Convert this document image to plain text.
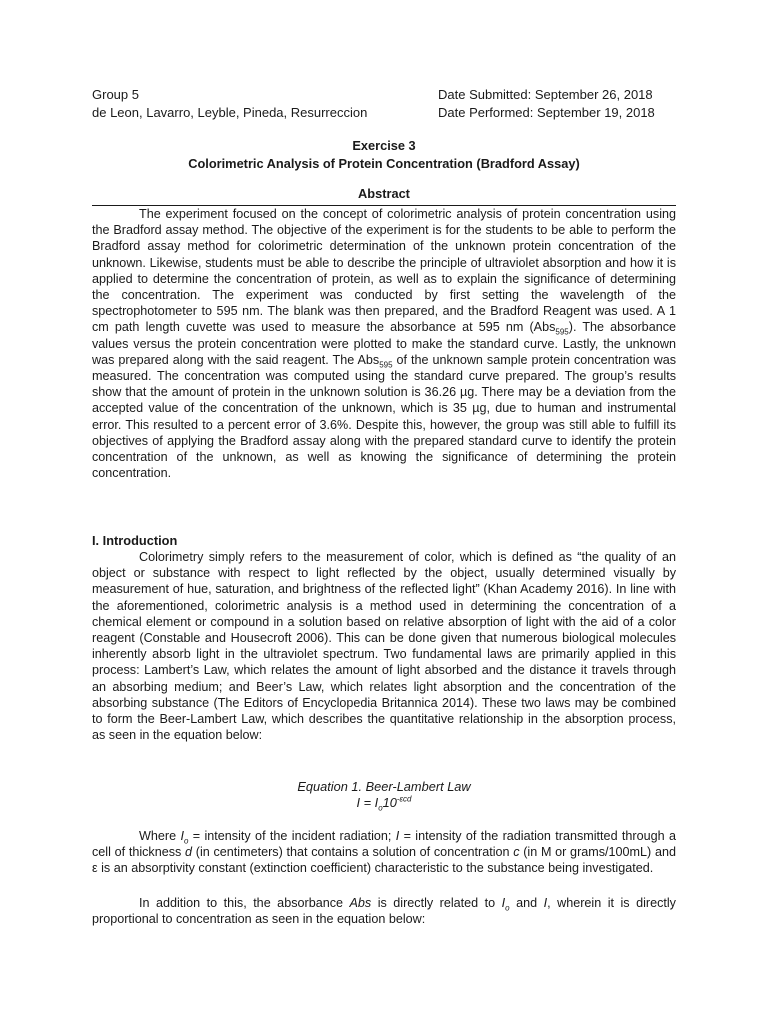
Group 5	Date Submitted: September 26, 2018
de Leon, Lavarro, Leyble, Pineda, Resurreccion	Date Performed: September 19, 2018
Exercise 3
Colorimetric Analysis of Protein Concentration (Bradford Assay)
Abstract

The experiment focused on the concept of colorimetric analysis of protein concentration using the Bradford assay method. The objective of the experiment is for the students to be able to perform the Bradford assay method for colorimetric determination of the unknown protein concentration of the unknown. Likewise, students must be able to describe the principle of ultraviolet absorption and how it is applied to determine the concentration of protein, as well as to explain the significance of determining the concentration. The experiment was conducted by first setting the wavelength of the spectrophotometer to 595 nm. The blank was then prepared, and the Bradford Reagent was used. A 1 cm path length cuvette was used to measure the absorbance at 595 nm (Abs$_{595}$). The absorbance values versus the protein concentration were plotted to make the standard curve. Lastly, the unknown was prepared along with the said reagent. The Abs$_{595}$ of the unknown sample protein concentration was measured. The concentration was computed using the standard curve prepared. The group’s results show that the amount of protein in the unknown solution is 36.26 µg. There may be a deviation from the accepted value of the concentration of the unknown, which is 35 µg, due to human and instrumental error. This resulted to a percent error of 3.6%. Despite this, however, the group was still able to fulfill its objectives of applying the Bradford assay along with the prepared standard curve to identify the protein concentration of the unknown, as well as knowing the significance of determining the protein concentration.

I. Introduction

Colorimetry simply refers to the measurement of color, which is defined as “the quality of an object or substance with respect to light reflected by the object, usually determined visually by measurement of hue, saturation, and brightness of the reflected light” (Khan Academy 2016). In line with the aforementioned, colorimetric analysis is a method used in determining the concentration of a chemical element or compound in a solution based on relative absorption of light with the aid of a color reagent (Constable and Housecroft 2006). This can be done given that numerous biological molecules inherently absorb light in the ultraviolet spectrum. Two fundamental laws are primarily applied in this process: Lambert’s Law, which relates the amount of light absorbed and the distance it travels through an absorbing medium; and Beer’s Law, which relates light absorption and the concentration of the absorbing substance (The Editors of Encyclopedia Britannica 2014). These two laws may be combined to form the Beer-Lambert Law, which describes the quantitative relationship in the absorption process, as seen in the equation below:

Equation 1. Beer-Lambert Law
$I = I_o10^{-\varepsilon cd}$

Where $I_o$ = intensity of the incident radiation; I = intensity of the radiation transmitted through a cell of thickness d (in centimeters) that contains a solution of concentration c (in M or grams/100mL) and ε is an absorptivity constant (extinction coefficient) characteristic to the substance being investigated.

In addition to this, the absorbance Abs is directly related to $I_o$ and I, wherein it is directly proportional to concentration as seen in the equation below:
